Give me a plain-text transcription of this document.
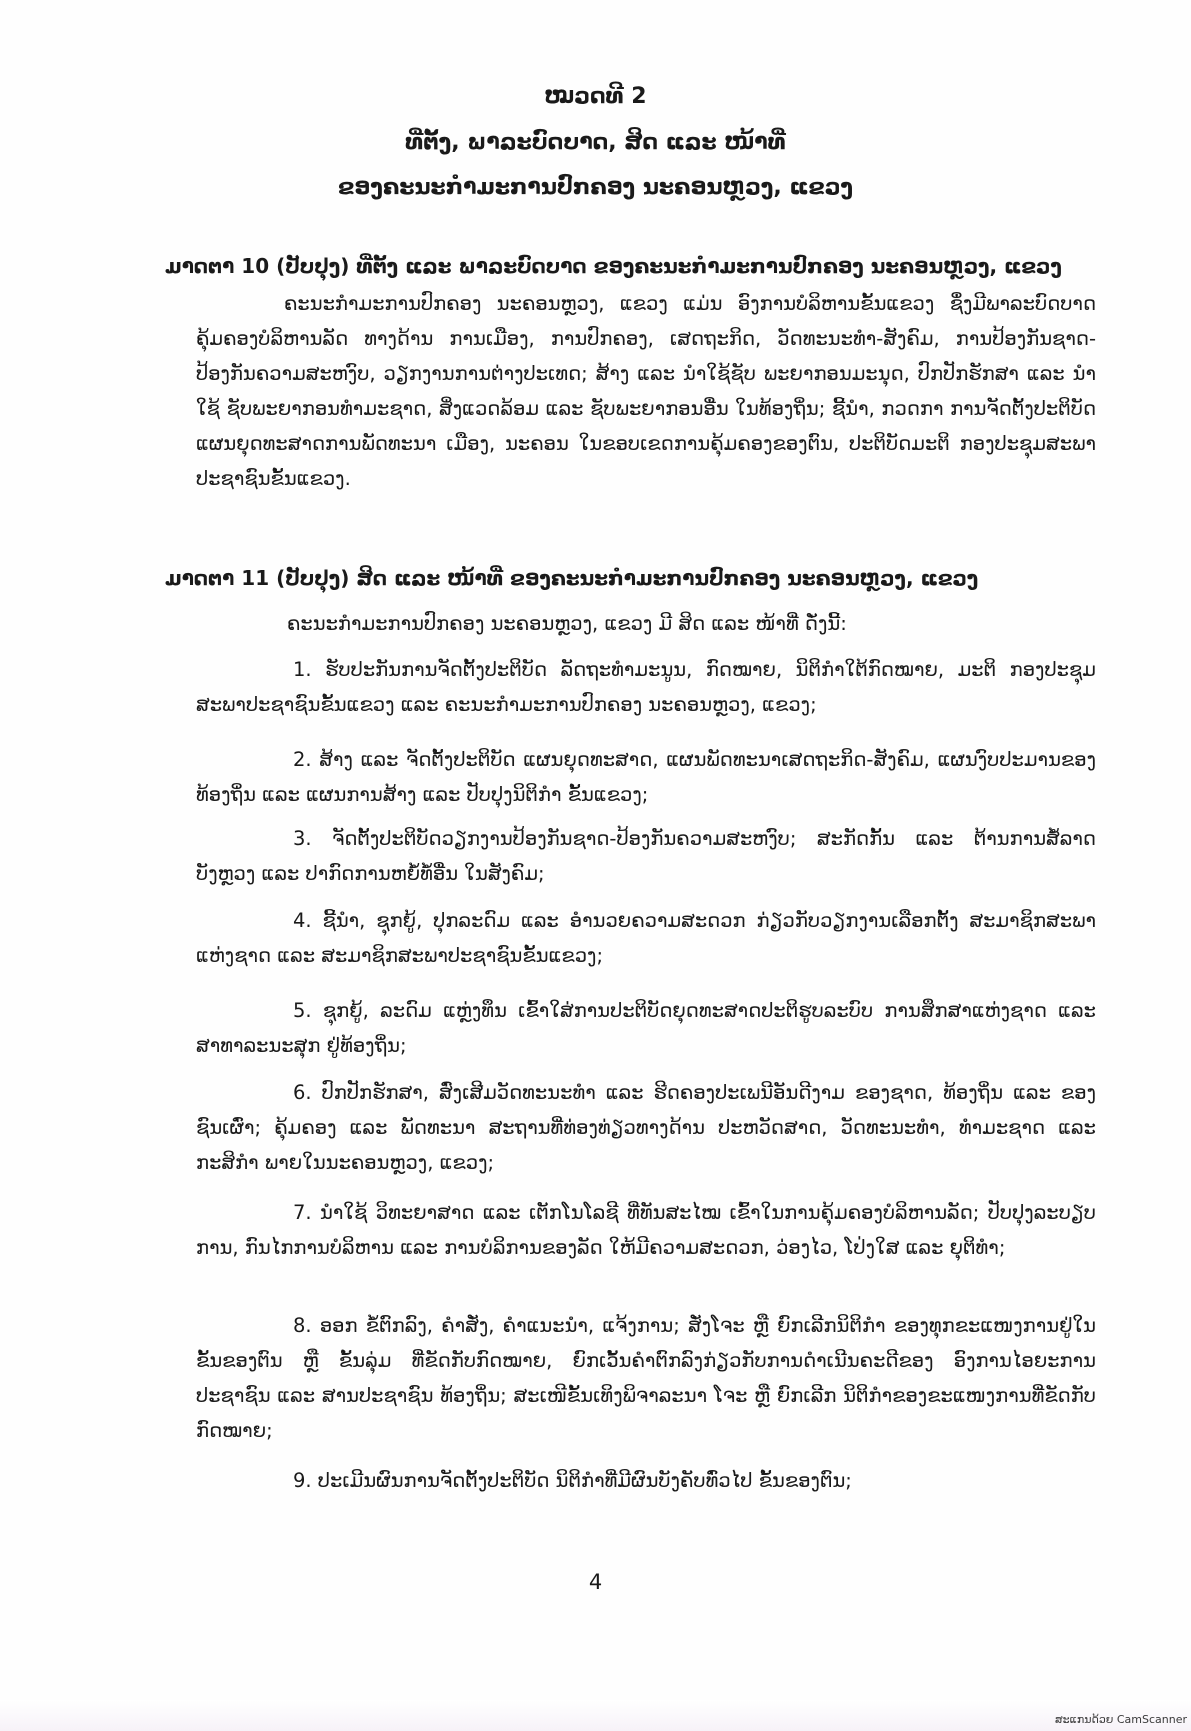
ໝວດທີ 2
ທີ່ຕັ້ງ, ພາລະບົດບາດ, ສິດ ແລະ ໜ້າທີ່
ຂອງຄະນະກຳມະການປົກຄອງ ນະຄອນຫຼວງ, ແຂວງ
ມາດຕາ 10 (ປັບປຸງ) ທີ່ຕັ້ງ ແລະ ພາລະບົດບາດ ຂອງຄະນະກຳມະການປົກຄອງ ນະຄອນຫຼວງ, ແຂວງ

ຄະນະກຳມະການປົກຄອງ ນະຄອນຫຼວງ, ແຂວງ ແມ່ນ ອົງການບໍລິຫານຂັ້ນແຂວງ ຊຶ່ງມີພາລະບົດບາດ ຄຸ້ມຄອງບໍລິຫານລັດ ທາງດ້ານ ການເມືອງ, ການປົກຄອງ, ເສດຖະກິດ, ວັດທະນະທຳ-ສັງຄົມ, ການປ້ອງກັນຊາດ-ປ້ອງກັນຄວາມສະຫງົບ, ວຽກງານການຕ່າງປະເທດ; ສ້າງ ແລະ ນຳໃຊ້ຊັບ ພະຍາກອນມະນຸດ, ປົກປັກຮັກສາ ແລະ ນຳໃຊ້ ຊັບພະຍາກອນທຳມະຊາດ, ສິ່ງແວດລ້ອມ ແລະ ຊັບພະຍາກອນອື່ນ ໃນທ້ອງຖິ່ນ; ຊີ້ນຳ, ກວດກາ ການຈັດຕັ້ງປະຕິບັດແຜນຍຸດທະສາດການພັດທະນາ ເມືອງ, ນະຄອນ ໃນຂອບເຂດການຄຸ້ມຄອງຂອງຕົນ, ປະຕິບັດມະຕິ ກອງປະຊຸມສະພາປະຊາຊົນຂັ້ນແຂວງ.

ມາດຕາ 11 (ປັບປຸງ) ສິດ ແລະ ໜ້າທີ່ ຂອງຄະນະກຳມະການປົກຄອງ ນະຄອນຫຼວງ, ແຂວງ
ຄະນະກຳມະການປົກຄອງ ນະຄອນຫຼວງ, ແຂວງ ມີ ສິດ ແລະ ໜ້າທີ່ ດັ່ງນີ້:

1. ຮັບປະກັນການຈັດຕັ້ງປະຕິບັດ ລັດຖະທຳມະນູນ, ກົດໝາຍ, ນິຕິກຳໃຕ້ກົດໝາຍ, ມະຕິ ກອງປະຊຸມສະພາປະຊາຊົນຂັ້ນແຂວງ ແລະ ຄະນະກຳມະການປົກຄອງ ນະຄອນຫຼວງ, ແຂວງ;

2. ສ້າງ ແລະ ຈັດຕັ້ງປະຕິບັດ ແຜນຍຸດທະສາດ, ແຜນພັດທະນາເສດຖະກິດ-ສັງຄົມ, ແຜນງົບປະມານຂອງທ້ອງຖິ່ນ ແລະ ແຜນການສ້າງ ແລະ ປັບປຸງນິຕິກຳ ຂັ້ນແຂວງ;

3. ຈັດຕັ້ງປະຕິບັດວຽກງານປ້ອງກັນຊາດ-ປ້ອງກັນຄວາມສະຫງົບ; ສະກັດກັ້ນ ແລະ ຕ້ານການສໍ້ລາດບັງຫຼວງ ແລະ ປາກົດການຫຍໍ້ທໍ້ອື່ນ ໃນສັງຄົມ;

4. ຊີ້ນຳ, ຊຸກຍູ້, ປຸກລະດົມ ແລະ ອຳນວຍຄວາມສະດວກ ກ່ຽວກັບວຽກງານເລືອກຕັ້ງ ສະມາຊິກສະພາແຫ່ງຊາດ ແລະ ສະມາຊິກສະພາປະຊາຊົນຂັ້ນແຂວງ;

5. ຊຸກຍູ້, ລະດົມ ແຫຼ່ງທຶນ ເຂົ້າໃສ່ການປະຕິບັດຍຸດທະສາດປະຕິຮູບລະບົບ ການສຶກສາແຫ່ງຊາດ ແລະ ສາທາລະນະສຸກ ຢູ່ທ້ອງຖິ່ນ;

6. ປົກປັກຮັກສາ, ສົ່ງເສີມວັດທະນະທຳ ແລະ ຮີດຄອງປະເພນີອັນດີງາມ ຂອງຊາດ, ທ້ອງຖິ່ນ ແລະ ຂອງຊົນເຜົ່າ; ຄຸ້ມຄອງ ແລະ ພັດທະນາ ສະຖານທີ່ທ່ອງທ່ຽວທາງດ້ານ ປະຫວັດສາດ, ວັດທະນະທຳ, ທຳມະຊາດ ແລະ ກະສິກຳ ພາຍໃນນະຄອນຫຼວງ, ແຂວງ;

7. ນຳໃຊ້ ວິທະຍາສາດ ແລະ ເຕັກໂນໂລຊີ ທີ່ທັນສະໄໝ ເຂົ້າໃນການຄຸ້ມຄອງບໍລິຫານລັດ; ປັບປຸງລະບຽບການ, ກົນໄກການບໍລິຫານ ແລະ ການບໍລິການຂອງລັດ ໃຫ້ມີຄວາມສະດວກ, ວ່ອງໄວ, ໂປ່ງໃສ ແລະ ຍຸຕິທຳ;

8. ອອກ ຂໍ້ຕົກລົງ, ຄຳສັ່ງ, ຄຳແນະນຳ, ແຈ້ງການ; ສັ່ງໂຈະ ຫຼື ຍົກເລີກນິຕິກຳ ຂອງທຸກຂະແໜງການຢູ່ໃນຂັ້ນຂອງຕົນ ຫຼື ຂັ້ນລຸ່ມ ທີ່ຂັດກັບກົດໝາຍ, ຍົກເວັ້ນຄຳຕົກລົງກ່ຽວກັບການດຳເນີນຄະດີຂອງ ອົງການໄອຍະການປະຊາຊົນ ແລະ ສານປະຊາຊົນ ທ້ອງຖິ່ນ; ສະເໜີຂັ້ນເທິງພິຈາລະນາ ໂຈະ ຫຼື ຍົກເລີກ ນິຕິກຳຂອງຂະແໜງການທີ່ຂັດກັບກົດໝາຍ;

9. ປະເມີນຜົນການຈັດຕັ້ງປະຕິບັດ ນິຕິກຳທີ່ມີຜົນບັງຄັບທົ່ວໄປ ຂັ້ນຂອງຕົນ;

4
ສະແກນດ້ວຍ CamScanner
